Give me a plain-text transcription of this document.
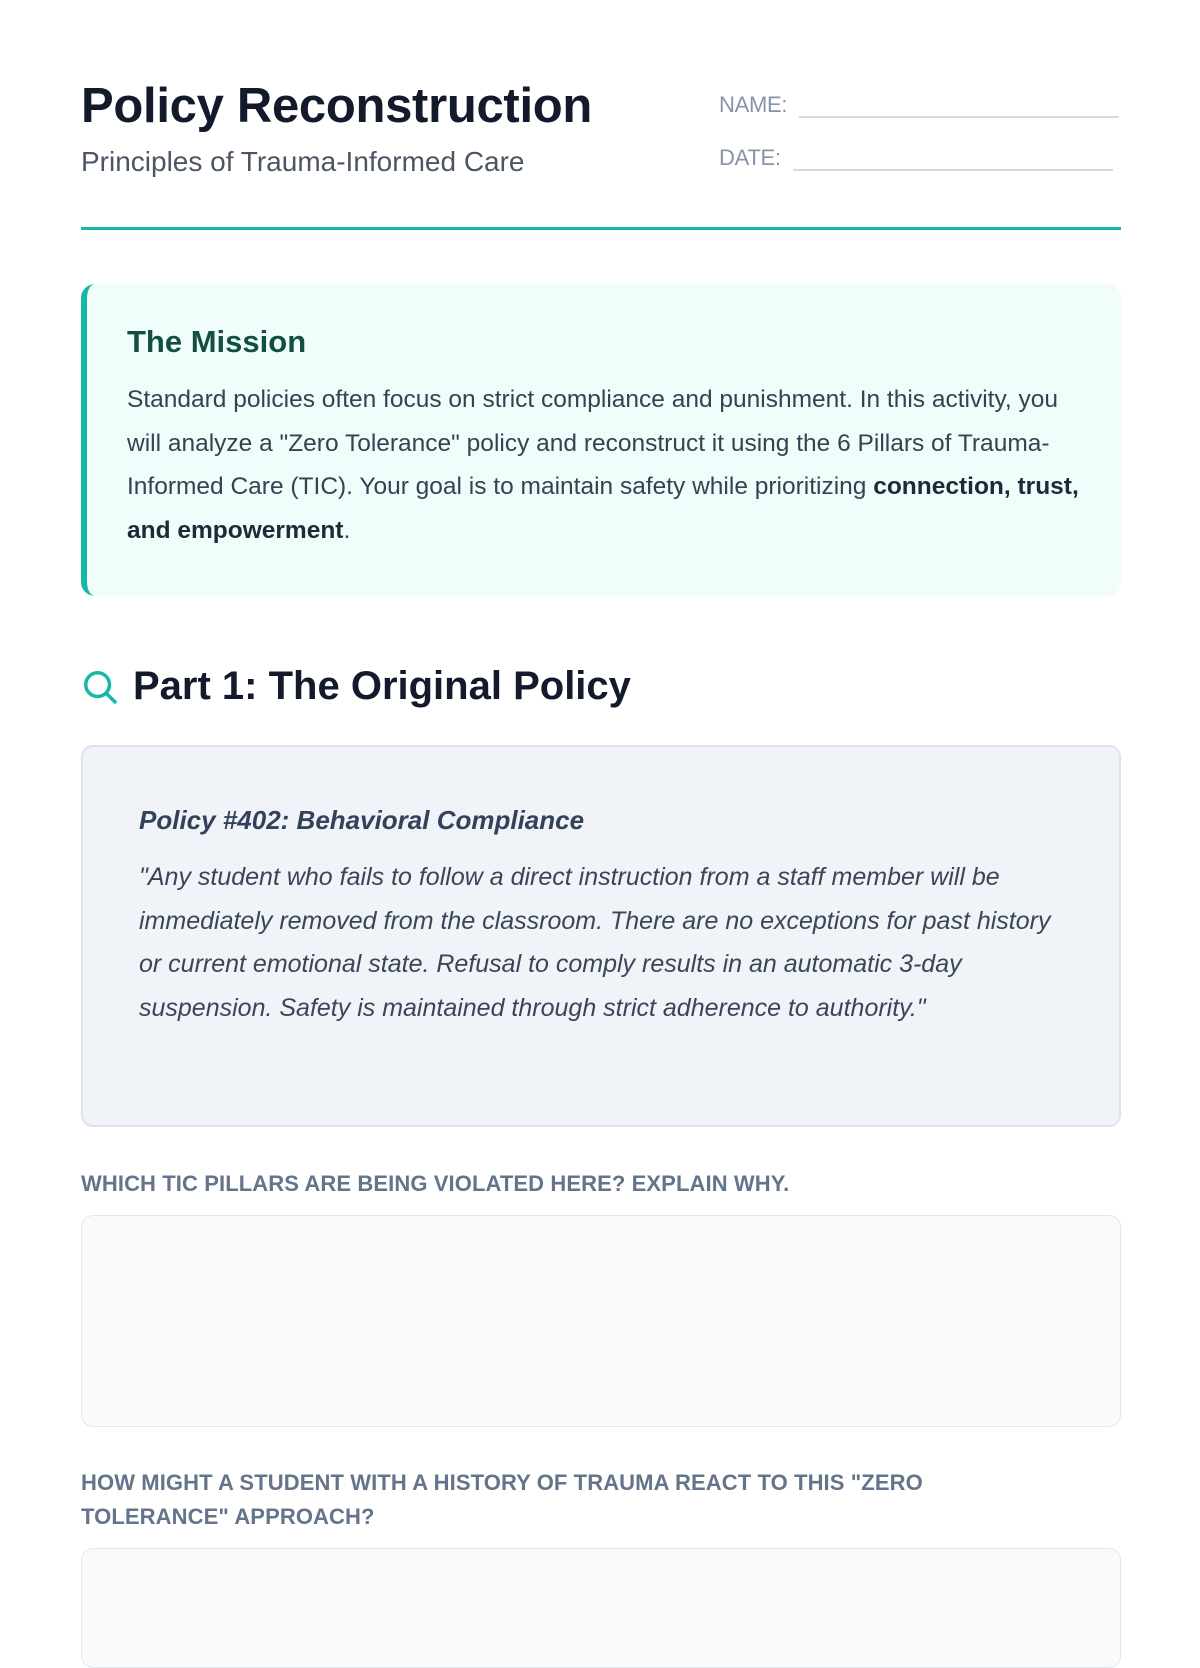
Policy Reconstruction
Principles of Trauma-Informed Care
NAME:
DATE:
The Mission

Standard policies often focus on strict compliance and punishment. In this activity, you will analyze a "Zero Tolerance" policy and reconstruct it using the 6 Pillars of Trauma-Informed Care (TIC). Your goal is to maintain safety while prioritizing connection, trust, and empowerment.

Part 1: The Original Policy
Policy #402: Behavioral Compliance
"Any student who fails to follow a direct instruction from a staff member will be immediately removed from the classroom. There are no exceptions for past history or current emotional state. Refusal to comply results in an automatic 3-day suspension. Safety is maintained through strict adherence to authority."
WHICH TIC PILLARS ARE BEING VIOLATED HERE? EXPLAIN WHY.
HOW MIGHT A STUDENT WITH A HISTORY OF TRAUMA REACT TO THIS "ZERO TOLERANCE" APPROACH?
